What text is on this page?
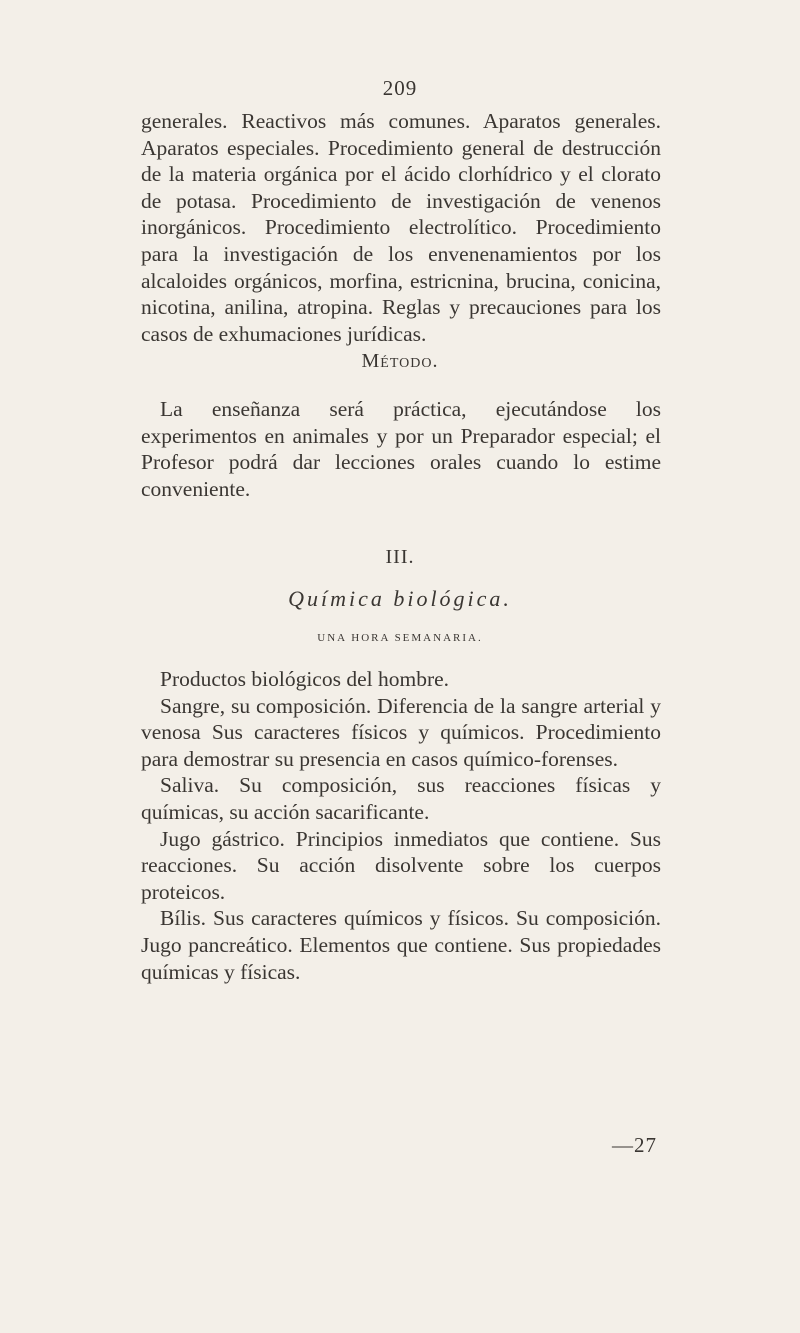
209

generales. Reactivos más comunes. Aparatos generales. Aparatos especiales. Procedimiento general de destrucción de la materia orgánica por el ácido clorhídrico y el clorato de potasa. Procedimiento de investigación de venenos inorgánicos. Procedimiento electrolítico. Procedimiento para la investigación de los envenenamientos por los alcaloides orgánicos, morfina, estricnina, brucina, conicina, nicotina, anilina, atropina. Reglas y precauciones para los casos de exhumaciones jurídicas.

Método.

La enseñanza será práctica, ejecutándose los experimentos en animales y por un Preparador especial; el Profesor podrá dar lecciones orales cuando lo estime conveniente.

III.
Química biológica.
UNA HORA SEMANARIA.

Productos biológicos del hombre.

Sangre, su composición. Diferencia de la sangre arterial y venosa Sus caracteres físicos y químicos. Procedimiento para demostrar su presencia en casos químico-forenses.

Saliva. Su composición, sus reacciones físicas y químicas, su acción sacarificante.

Jugo gástrico. Principios inmediatos que contiene. Sus reacciones. Su acción disolvente sobre los cuerpos proteicos.

Bílis. Sus caracteres químicos y físicos. Su composición. Jugo pancreático. Elementos que contiene. Sus propiedades químicas y físicas.

—27
